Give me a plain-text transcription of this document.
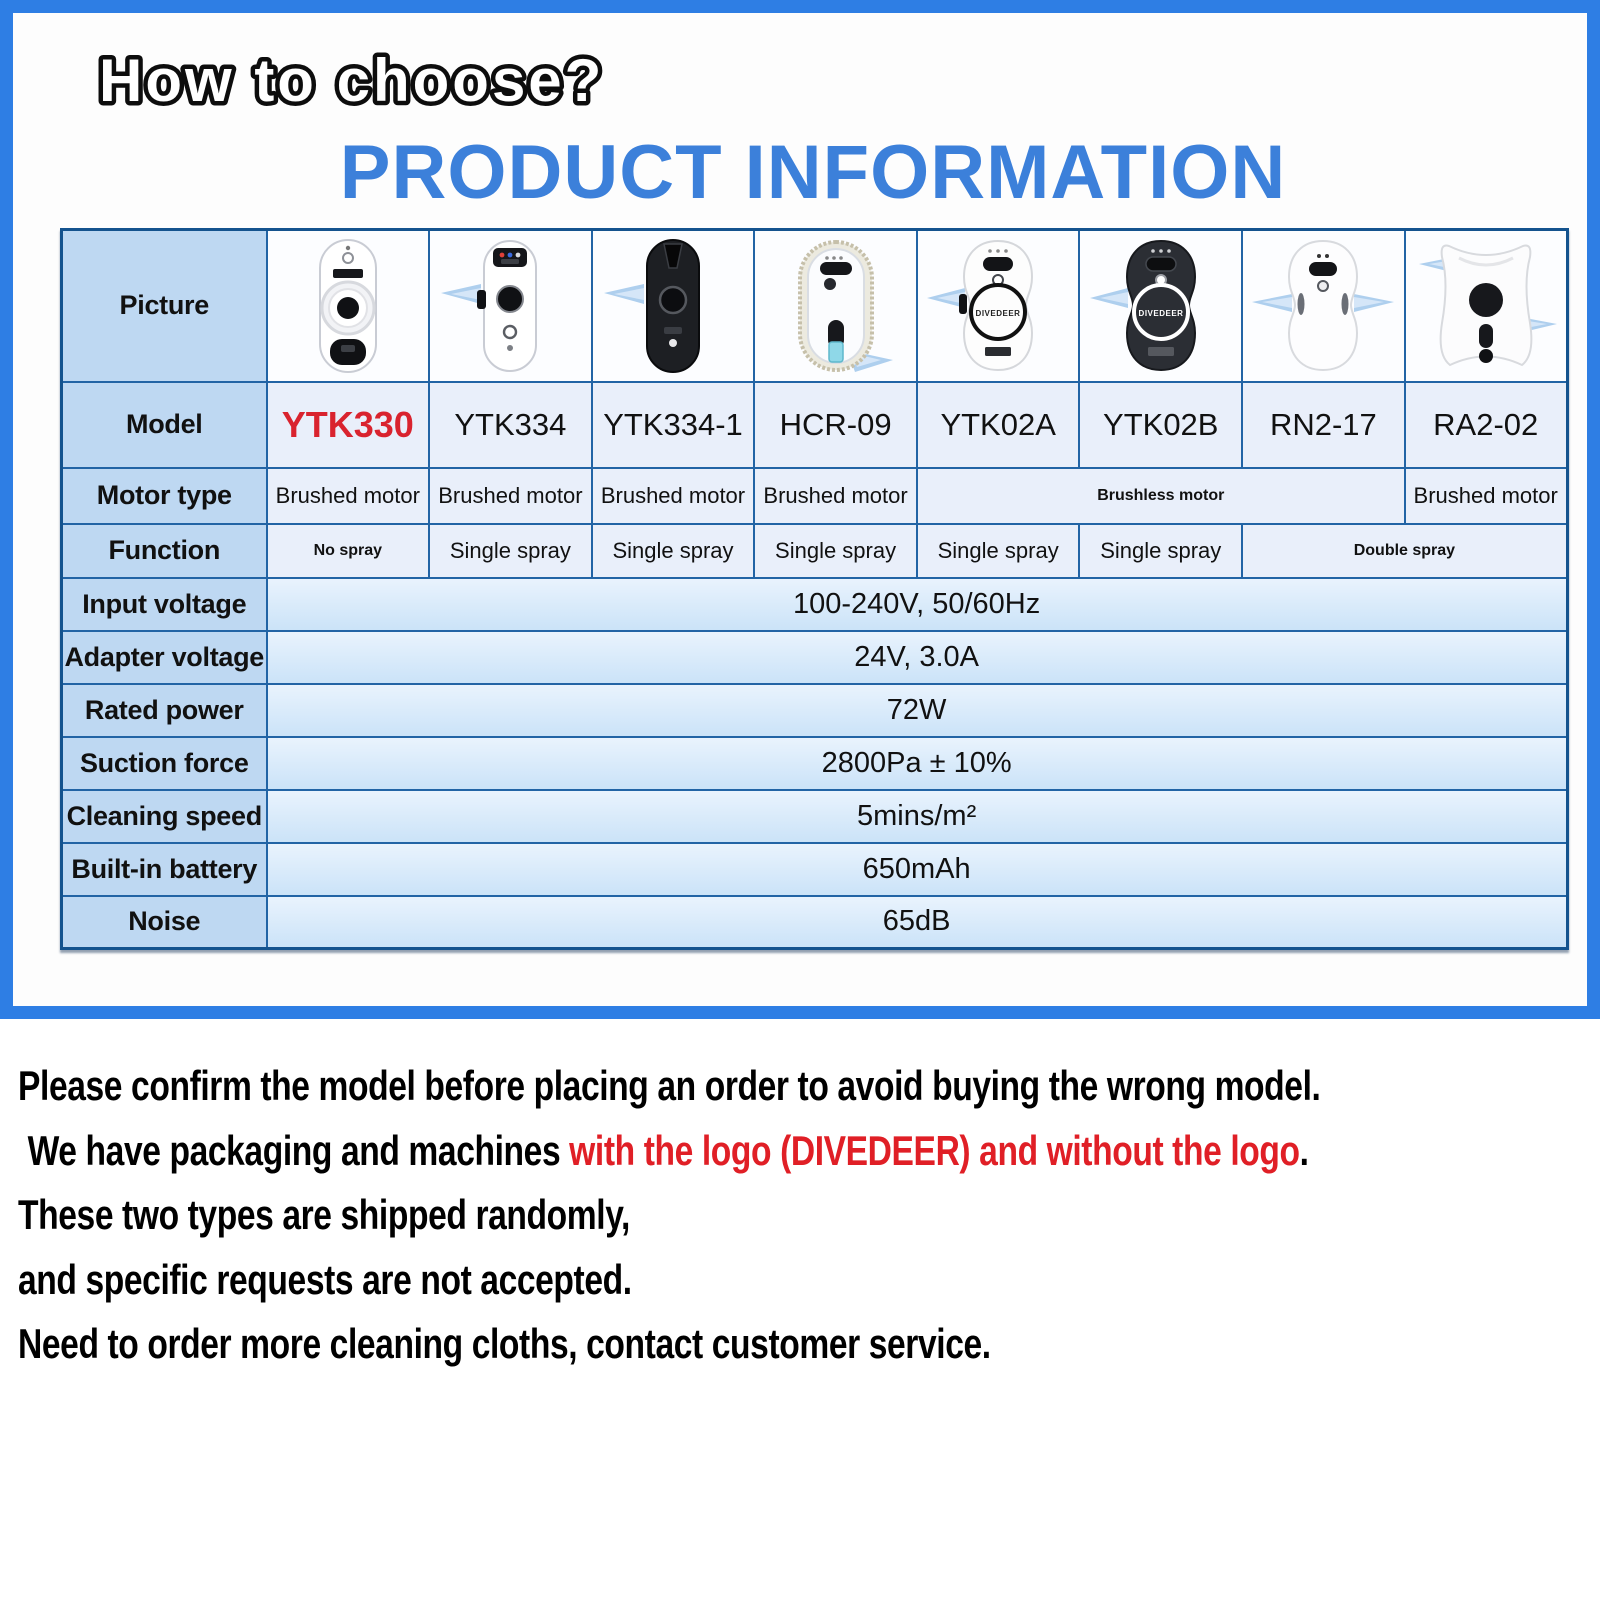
How to choose?
PRODUCT INFORMATION
Picture					DIVEDEER	DIVEDEER

Model	YTK330	YTK334	YTK334-1	HCR-09	YTK02A	YTK02B	RN2-17	RA2-02
Motor type	Brushed motor	Brushed motor	Brushed motor	Brushed motor	Brushless motor			Brushed motor
Function	No spray	Single spray	Single spray	Single spray	Single spray	Single spray	Double spray	
Input voltage	100-240V, 50/60Hz							
Adapter voltage	24V, 3.0A							
Rated power	72W							
Suction force	2800Pa ± 10%							
Cleaning speed	5mins/m²							
Built-in battery	650mAh							
Noise	65dB							
Please confirm the model before placing an order to avoid buying the wrong model.
We have packaging and machines with the logo (DIVEDEER) and without the logo.
These two types are shipped randomly,
and specific requests are not accepted.
Need to order more cleaning cloths, contact customer service.
